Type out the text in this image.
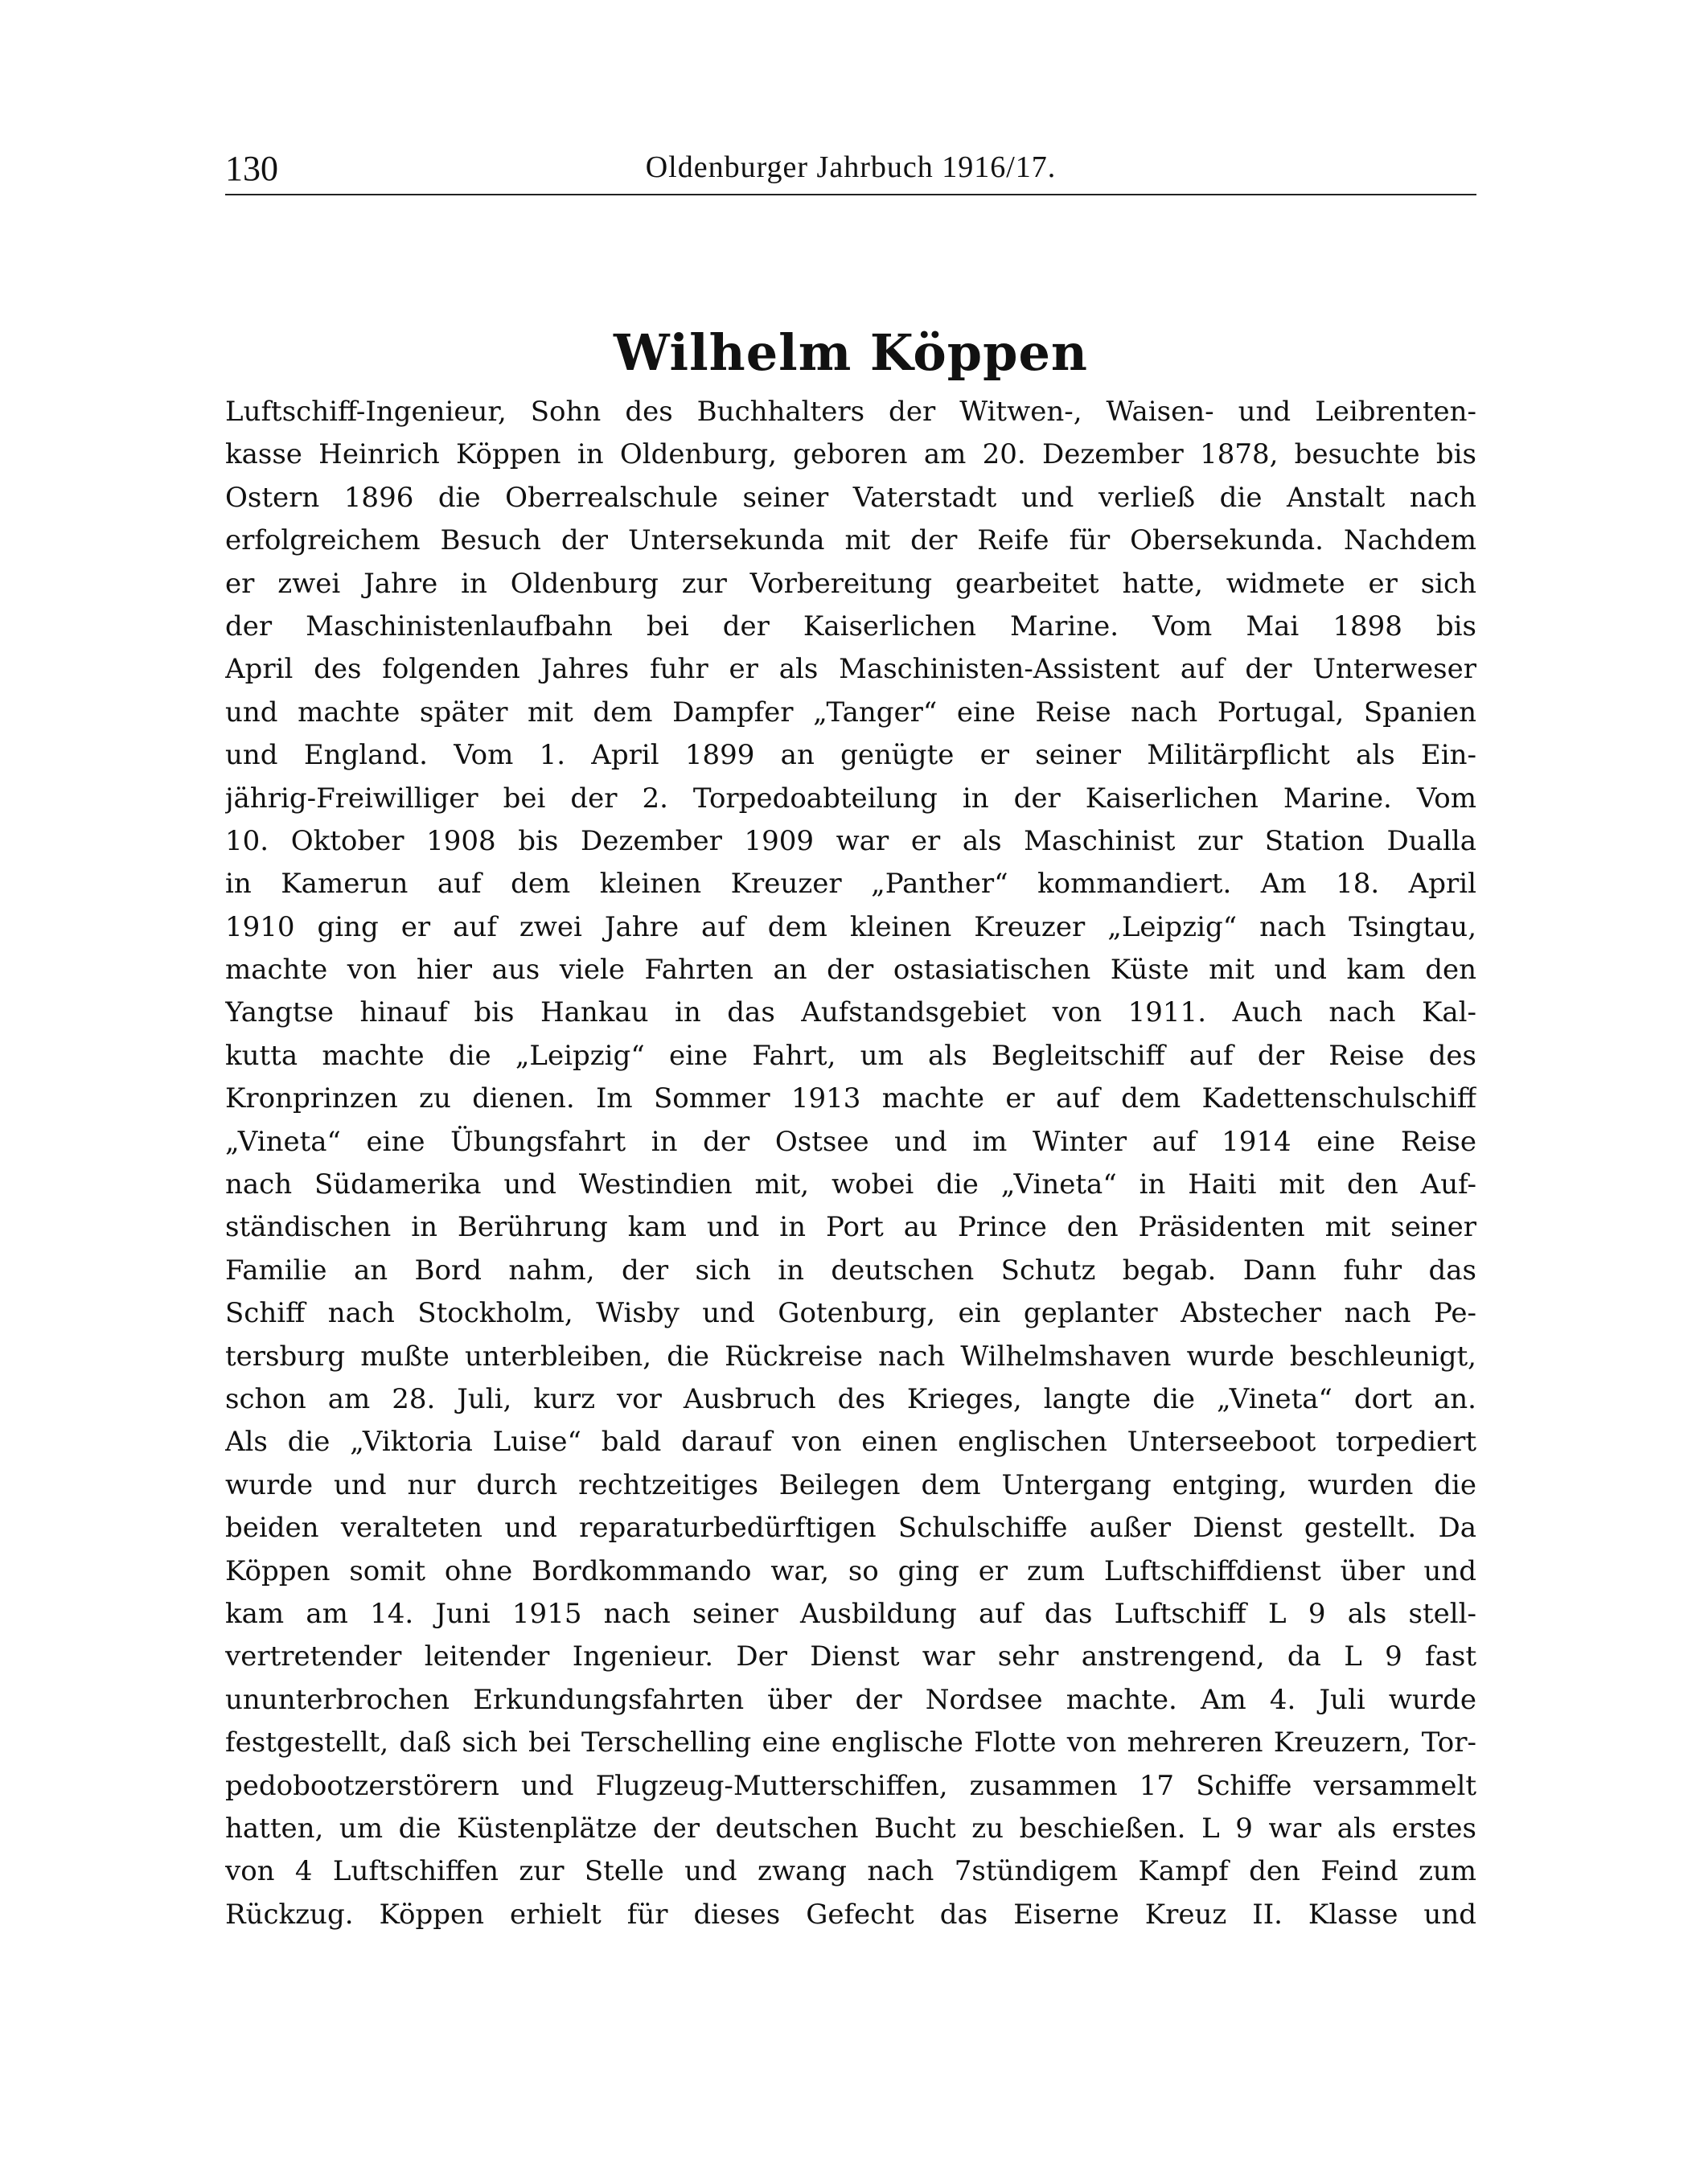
130	Oldenburger Jahrbuch 1916/17.
Wilhelm Köppen
Luftschiff-Ingenieur, Sohn des Buchhalters der Witwen-, Waisen- und Leibrenten-
kasse Heinrich Köppen in Oldenburg, geboren am 20. Dezember 1878, besuchte bis
Ostern 1896 die Oberrealschule seiner Vaterstadt und verließ die Anstalt nach
erfolgreichem Besuch der Untersekunda mit der Reife für Obersekunda. Nachdem
er zwei Jahre in Oldenburg zur Vorbereitung gearbeitet hatte, widmete er sich
der Maschinistenlaufbahn bei der Kaiserlichen Marine. Vom Mai 1898 bis
April des folgenden Jahres fuhr er als Maschinisten-Assistent auf der Unterweser
und machte später mit dem Dampfer „Tanger“ eine Reise nach Portugal, Spanien
und England. Vom 1. April 1899 an genügte er seiner Militärpflicht als Ein-
jährig-Freiwilliger bei der 2. Torpedoabteilung in der Kaiserlichen Marine. Vom
10. Oktober 1908 bis Dezember 1909 war er als Maschinist zur Station Dualla
in Kamerun auf dem kleinen Kreuzer „Panther“ kommandiert. Am 18. April
1910 ging er auf zwei Jahre auf dem kleinen Kreuzer „Leipzig“ nach Tsingtau,
machte von hier aus viele Fahrten an der ostasiatischen Küste mit und kam den
Yangtse hinauf bis Hankau in das Aufstandsgebiet von 1911. Auch nach Kal-
kutta machte die „Leipzig“ eine Fahrt, um als Begleitschiff auf der Reise des
Kronprinzen zu dienen. Im Sommer 1913 machte er auf dem Kadettenschulschiff
„Vineta“ eine Übungsfahrt in der Ostsee und im Winter auf 1914 eine Reise
nach Südamerika und Westindien mit, wobei die „Vineta“ in Haiti mit den Auf-
ständischen in Berührung kam und in Port au Prince den Präsidenten mit seiner
Familie an Bord nahm, der sich in deutschen Schutz begab. Dann fuhr das
Schiff nach Stockholm, Wisby und Gotenburg, ein geplanter Abstecher nach Pe-
tersburg mußte unterbleiben, die Rückreise nach Wilhelmshaven wurde beschleunigt,
schon am 28. Juli, kurz vor Ausbruch des Krieges, langte die „Vineta“ dort an.
Als die „Viktoria Luise“ bald darauf von einen englischen Unterseeboot torpediert
wurde und nur durch rechtzeitiges Beilegen dem Untergang entging, wurden die
beiden veralteten und reparaturbedürftigen Schulschiffe außer Dienst gestellt. Da
Köppen somit ohne Bordkommando war, so ging er zum Luftschiffdienst über und
kam am 14. Juni 1915 nach seiner Ausbildung auf das Luftschiff L 9 als stell-
vertretender leitender Ingenieur. Der Dienst war sehr anstrengend, da L 9 fast
ununterbrochen Erkundungsfahrten über der Nordsee machte. Am 4. Juli wurde
festgestellt, daß sich bei Terschelling eine englische Flotte von mehreren Kreuzern, Tor-
pedobootzerstörern und Flugzeug-Mutterschiffen, zusammen 17 Schiffe versammelt
hatten, um die Küstenplätze der deutschen Bucht zu beschießen. L 9 war als erstes
von 4 Luftschiffen zur Stelle und zwang nach 7stündigem Kampf den Feind zum
Rückzug. Köppen erhielt für dieses Gefecht das Eiserne Kreuz II. Klasse und
